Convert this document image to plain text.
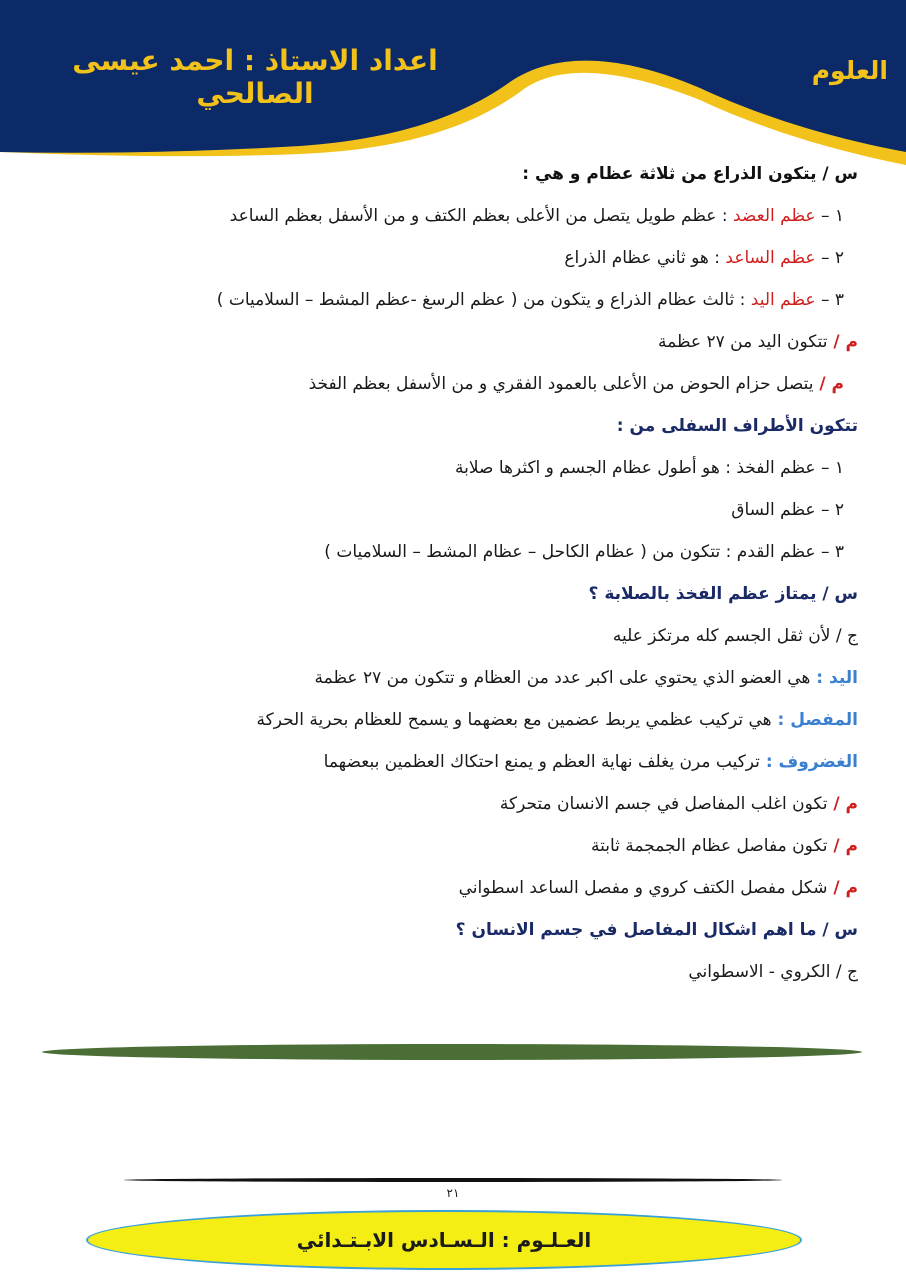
العلوم
اعداد الاستاذ : احمد عيسى الصالحي
س / يتكون الذراع من ثلاثة عظام و هي :
١ – عظم العضد : عظم طويل يتصل من الأعلى بعظم الكتف و من الأسفل بعظم الساعد
٢ – عظم الساعد : هو ثاني عظام الذراع
٣ – عظم اليد : ثالث عظام الذراع و يتكون من ( عظم الرسغ -عظم المشط – السلاميات )
م / تتكون اليد من ٢٧ عظمة
م / يتصل حزام الحوض من الأعلى بالعمود الفقري و من الأسفل بعظم الفخذ
تتكون الأطراف السفلى من :
١ – عظم الفخذ : هو أطول عظام الجسم و اكثرها صلابة
٢ – عظم الساق
٣ – عظم القدم : تتكون من ( عظام الكاحل – عظام المشط – السلاميات )
س / يمتاز عظم الفخذ بالصلابة ؟
ج / لأن ثقل الجسم كله مرتكز عليه
اليد : هي العضو الذي يحتوي على اكبر عدد من العظام و تتكون من ٢٧ عظمة
المفصل : هي تركيب عظمي يربط عضمين مع بعضهما و يسمح للعظام بحرية الحركة
الغضروف : تركيب مرن يغلف نهاية العظم و يمنع احتكاك العظمين ببعضهما
م / تكون اغلب المفاصل في جسم الانسان متحركة
م / تكون مفاصل عظام الجمجمة ثابتة
م / شكل مفصل الكتف كروي و مفصل الساعد اسطواني
س / ما اهم اشكال المفاصل في جسم الانسان ؟
ج / الكروي - الاسطواني
٢١
العـلـوم : الـسـادس الابـتـدائي
